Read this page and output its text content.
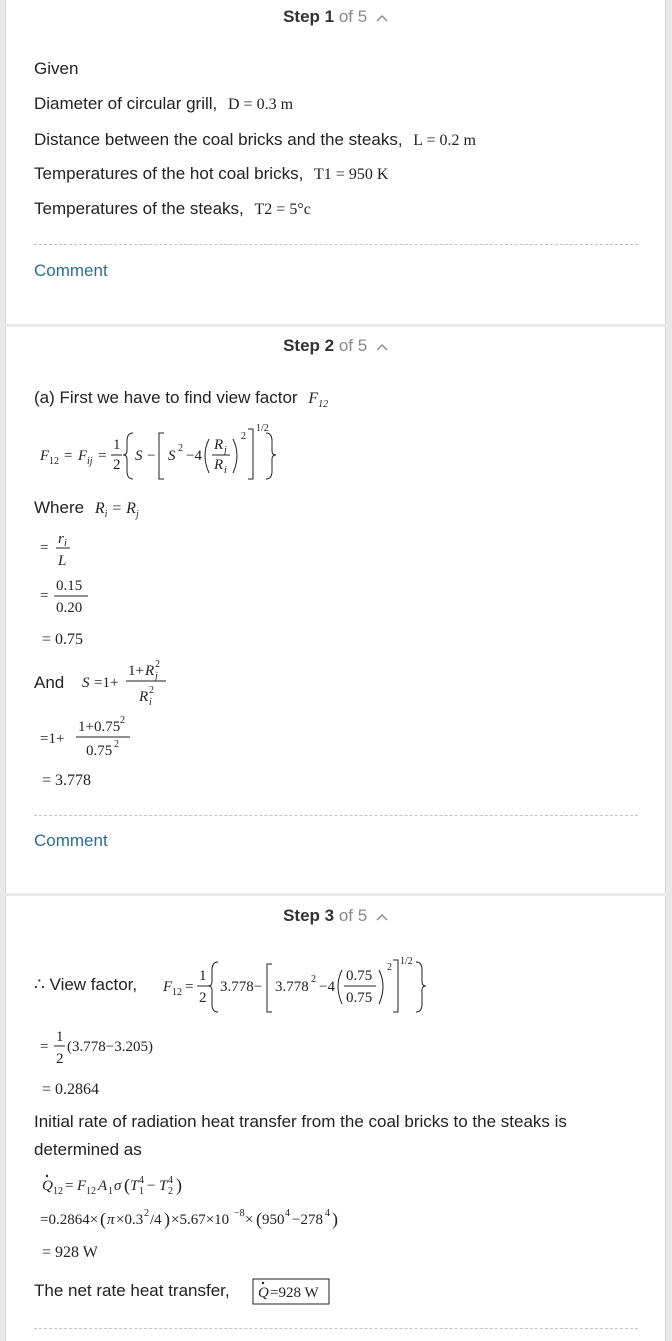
Step 1 of 5
Given
Diameter of circular grill, D = 0.3 m
Distance between the coal bricks and the steaks, L = 0.2 m
Temperatures of the hot coal bricks, T1 = 950 K
Temperatures of the steaks, T2 = 5°c
Comment
Step 2 of 5
(a) First we have to find view factor $F_{12}$
F 12 = F ij =
1
2
S − S 2 −4
R j
R i
2
1/2
Where $R_i = R_j$
=
r i
L
=
0.15
0.20
= 0.75
And S =1+
1+ R j
2
R i
2
=1+
1+0.75 2
0.75 2
= 3.778
Comment
Step 3 of 5
∴ View factor, F 12 =
1
2
3.778− 3.778 2 −4
0.75
0.75
2
1/2
=
1
2
(3.778−3.205)
= 0.2864
Initial rate of radiation heat transfer from the coal bricks to the steaks is
determined as
Q 12 = F 12 A 1 σ ( T 1
4 − T 2
4 )
=0.2864× ( π ×0.3 2 /4 ) ×5.67×10 −8 × ( 950 4 −278 4 )
= 928 W
The net rate heat transfer, Q =928 W
